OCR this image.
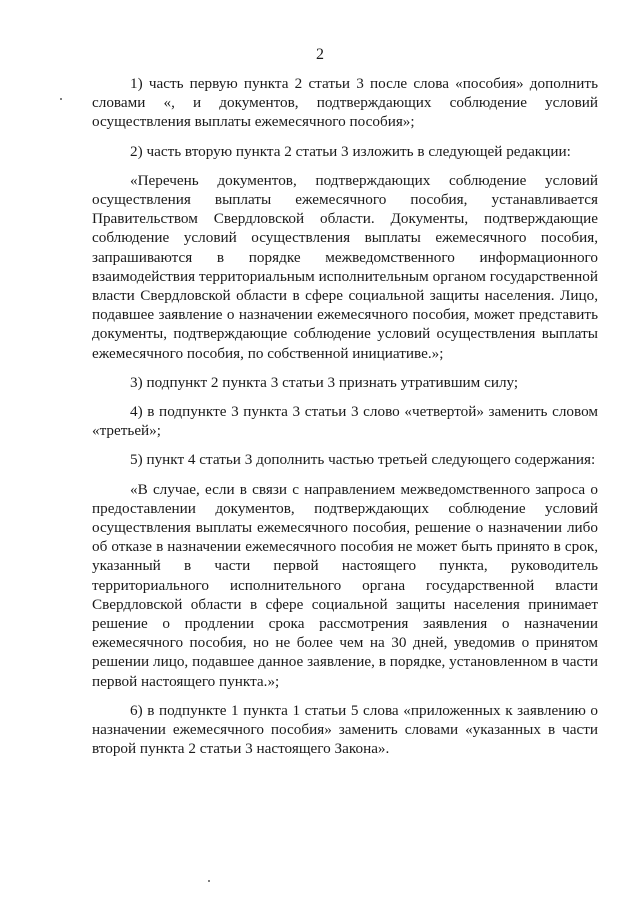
2

1) часть первую пункта 2 статьи 3 после слова «пособия» дополнить словами «, и документов, подтверждающих соблюдение условий осуществления выплаты ежемесячного пособия»;

2) часть вторую пункта 2 статьи 3 изложить в следующей редакции:

«Перечень документов, подтверждающих соблюдение условий осуществления выплаты ежемесячного пособия, устанавливается Правительством Свердловской области. Документы, подтверждающие соблюдение условий осуществления выплаты ежемесячного пособия, запрашиваются в порядке межведомственного информационного взаимодействия территориальным исполнительным органом государственной власти Свердловской области в сфере социальной защиты населения. Лицо, подавшее заявление о назначении ежемесячного пособия, может представить документы, подтверждающие соблюдение условий осуществления выплаты ежемесячного пособия, по собственной инициативе.»;

3) подпункт 2 пункта 3 статьи 3 признать утратившим силу;

4) в подпункте 3 пункта 3 статьи 3 слово «четвертой» заменить словом «третьей»;

5) пункт 4 статьи 3 дополнить частью третьей следующего содержания:

«В случае, если в связи с направлением межведомственного запроса о предоставлении документов, подтверждающих соблюдение условий осуществления выплаты ежемесячного пособия, решение о назначении либо об отказе в назначении ежемесячного пособия не может быть принято в срок, указанный в части первой настоящего пункта, руководитель территориального исполнительного органа государственной власти Свердловской области в сфере социальной защиты населения принимает решение о продлении срока рассмотрения заявления о назначении ежемесячного пособия, но не более чем на 30 дней, уведомив о принятом решении лицо, подавшее данное заявление, в порядке, установленном в части первой настоящего пункта.»;

6) в подпункте 1 пункта 1 статьи 5 слова «приложенных к заявлению о назначении ежемесячного пособия» заменить словами «указанных в части второй пункта 2 статьи 3 настоящего Закона».
